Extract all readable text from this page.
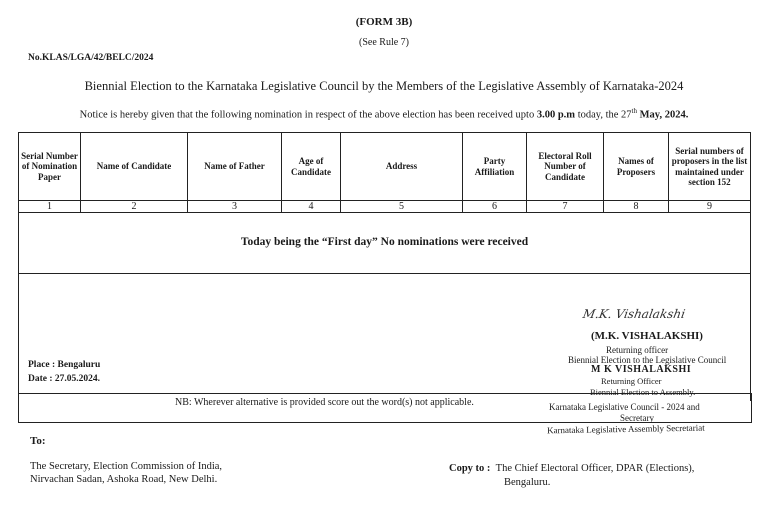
(FORM 3B)
(See Rule 7)
No.KLAS/LGA/42/BELC/2024
Biennial Election to the Karnataka Legislative Council by the Members of the Legislative Assembly of Karnataka-2024
Notice is hereby given that the following nomination in respect of the above election has been received upto 3.00 p.m today, the 27th May, 2024.
Serial Number of Nomination Paper	Name of Candidate	Name of Father	Age of Candidate	Address	Party Affiliation	Electoral Roll Number of Candidate	Names of Proposers	Serial numbers of proposers in the list maintained under section 152
1	2	3	4	5	6	7	8	9
Today being the “First day” No nominations were received								

Place : Bengaluru
Date : 27.05.2024.
M.K. Vishalakshi
(M.K. VISHALAKSHI)
Returning officer
Biennial Election to the Legislative Council
M K VISHALAKSHI
Returning Officer
Biennial Election to Assembly.
Karnataka Legislative Council - 2024 and
Secretary
Karnataka Legislative Assembly Secretariat
NB: Wherever alternative is provided score out the word(s) not applicable.
To:
The Secretary, Election Commission of India,
Nirvachan Sadan, Ashoka Road, New Delhi.
Copy to : The Chief Electoral Officer, DPAR (Elections),
Bengaluru.
